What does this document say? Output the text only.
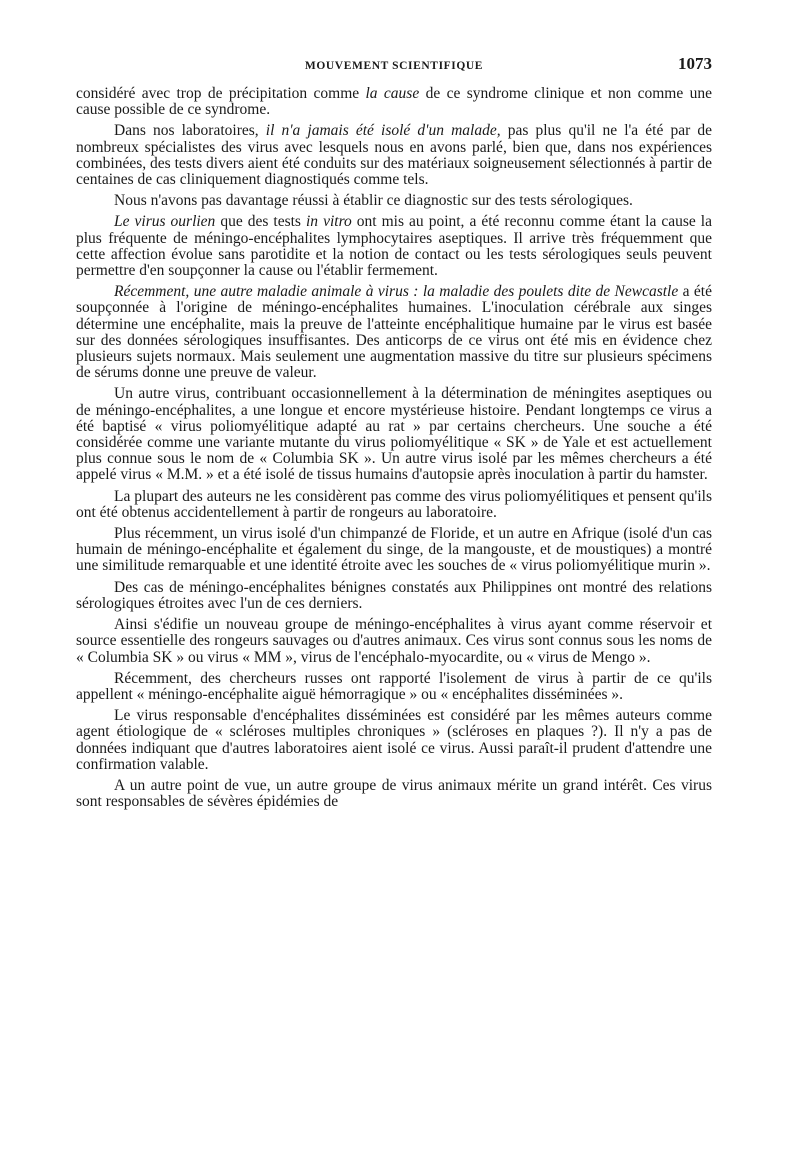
MOUVEMENT SCIENTIFIQUE	1073

considéré avec trop de précipitation comme la cause de ce syndrome clinique et non comme une cause possible de ce syndrome.

Dans nos laboratoires, il n'a jamais été isolé d'un malade, pas plus qu'il ne l'a été par de nombreux spécialistes des virus avec lesquels nous en avons parlé, bien que, dans nos expériences combinées, des tests divers aient été conduits sur des matériaux soigneusement sélectionnés à partir de centaines de cas cliniquement diagnostiqués comme tels.

Nous n'avons pas davantage réussi à établir ce diagnostic sur des tests sérologiques.

Le virus ourlien que des tests in vitro ont mis au point, a été reconnu comme étant la cause la plus fréquente de méningo-encéphalites lymphocytaires aseptiques. Il arrive très fréquemment que cette affection évolue sans parotidite et la notion de contact ou les tests sérologiques seuls peuvent permettre d'en soupçonner la cause ou l'établir fermement.

Récemment, une autre maladie animale à virus : la maladie des poulets dite de Newcastle a été soupçonnée à l'origine de méningo-encéphalites humaines. L'inoculation cérébrale aux singes détermine une encéphalite, mais la preuve de l'atteinte encéphalitique humaine par le virus est basée sur des données sérologiques insuffisantes. Des anticorps de ce virus ont été mis en évidence chez plusieurs sujets normaux. Mais seulement une augmentation massive du titre sur plusieurs spécimens de sérums donne une preuve de valeur.

Un autre virus, contribuant occasionnellement à la détermination de méningites aseptiques ou de méningo-encéphalites, a une longue et encore mystérieuse histoire. Pendant longtemps ce virus a été baptisé « virus poliomyélitique adapté au rat » par certains chercheurs. Une souche a été considérée comme une variante mutante du virus poliomyélitique « SK » de Yale et est actuellement plus connue sous le nom de « Columbia SK ». Un autre virus isolé par les mêmes chercheurs a été appelé virus « M.M. » et a été isolé de tissus humains d'autopsie après inoculation à partir du hamster.

La plupart des auteurs ne les considèrent pas comme des virus poliomyélitiques et pensent qu'ils ont été obtenus accidentellement à partir de rongeurs au laboratoire.

Plus récemment, un virus isolé d'un chimpanzé de Floride, et un autre en Afrique (isolé d'un cas humain de méningo-encéphalite et également du singe, de la mangouste, et de moustiques) a montré une similitude remarquable et une identité étroite avec les souches de « virus poliomyélitique murin ».

Des cas de méningo-encéphalites bénignes constatés aux Philippines ont montré des relations sérologiques étroites avec l'un de ces derniers.

Ainsi s'édifie un nouveau groupe de méningo-encéphalites à virus ayant comme réservoir et source essentielle des rongeurs sauvages ou d'autres animaux. Ces virus sont connus sous les noms de « Columbia SK » ou virus « MM », virus de l'encéphalo-myocardite, ou « virus de Mengo ».

Récemment, des chercheurs russes ont rapporté l'isolement de virus à partir de ce qu'ils appellent « méningo-encéphalite aiguë hémorragique » ou « encéphalites disséminées ».

Le virus responsable d'encéphalites disséminées est considéré par les mêmes auteurs comme agent étiologique de « scléroses multiples chroniques » (scléroses en plaques ?). Il n'y a pas de données indiquant que d'autres laboratoires aient isolé ce virus. Aussi paraît-il prudent d'attendre une confirmation valable.

A un autre point de vue, un autre groupe de virus animaux mérite un grand intérêt. Ces virus sont responsables de sévères épidémies de
